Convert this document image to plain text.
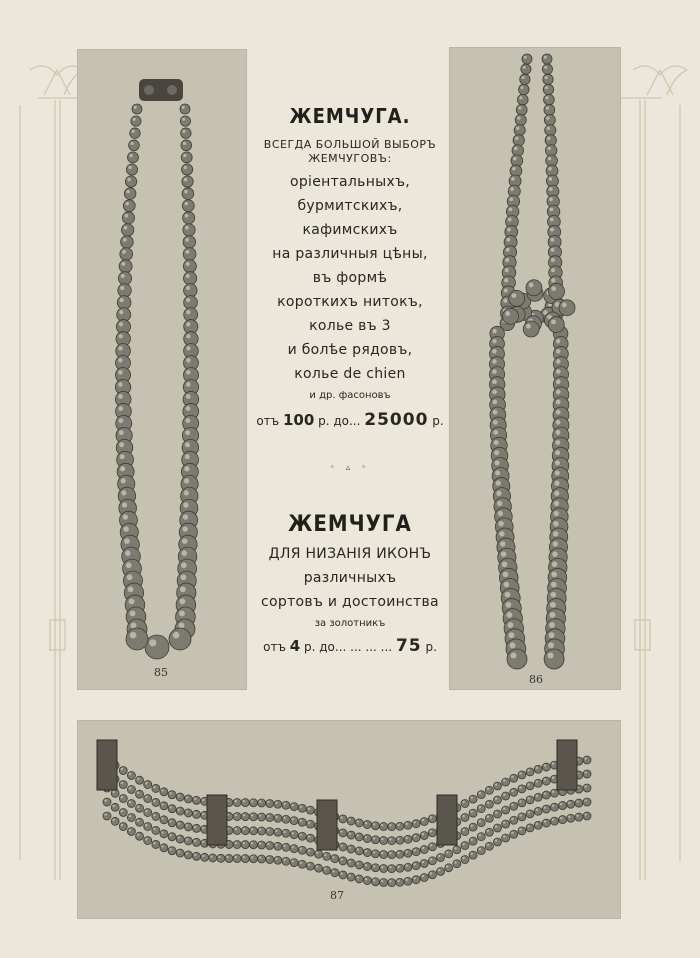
85
86
87
ЖЕМЧУГА.
ВСЕГДА БОЛЬШОЙ ВЫБОРЪ
ЖЕМЧУГОВЪ:
оріентальныхъ,
бурмитскихъ,
кафимскихъ
на различныя цѣны,
въ формѣ
короткихъ нитокъ,
колье въ 3
и болѣе рядовъ,
колье de chien
и др. фасоновъ
отъ 100 р. до... 25000 р.
◦ ▵ ◦
ЖЕМЧУГА
ДЛЯ НИЗАНІЯ ИКОНЪ
различныхъ
сортовъ и достоинства
за золотникъ
отъ 4 р. до... ... ... ... 75 р.
